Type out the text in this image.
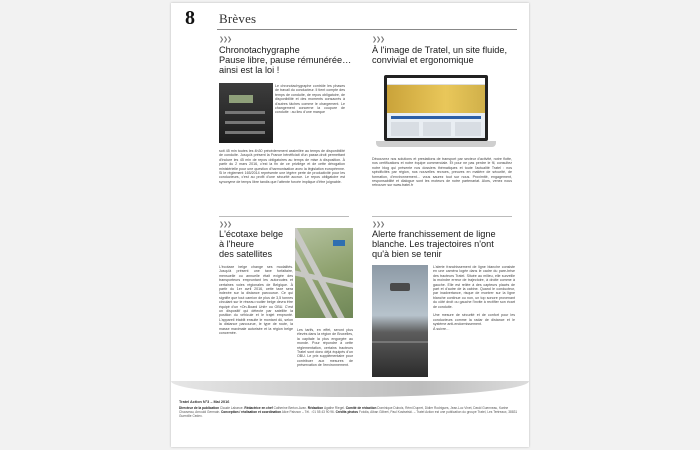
8 Brèves
❯❯❯
Chronotachygraphe
Pause libre, pause rémunérée…
ainsi est la loi !
Le chronotachygraphe contrôle les phases de travail du conducteur. Il tient compte des temps de conduite, de repos obligatoire, de disponibilité et des moments consacrés à d'autres tâches comme le chargement. Le changement concerne la coupure de conduite : au lieu d'une marque
soit 45 min toutes les 4h30 précédemment assimilée au temps de disponibilité de conduite. Jusqu'à présent la France bénéficiait d'un passe-droit permettant d'inclure les 45 min de repos obligatoires au temps de mise à disposition. À partir du 2 mars 2016, c'est la fin de ce privilège et de cette dérogation ministérielle pour une question d'harmonisation avec la législation européenne. Si le règlement 165/2014 représente une légère perte de productivité pour les conducteurs, c'est au profit d'une sécurité accrue. Le repos obligatoire est synonyme de temps libre tandis que l'attente forcée implique d'être joignable.
❯❯❯
À l'image de Tratel, un site fluide,
convivial et ergonomique
Découvrez nos solutions et prestations de transport par secteur d'activité, notre flotte, nos certifications et notre équipe commerciale. Et pour ne pas perdre le fil, consultez notre blog qui présente nos dossiers thématiques et toute l'actualité Tratel : nos spécificités par région, nos nouvelles recrues, preuves en matière de sécurité, de formation, d'environnement… vous saurez tout sur nous. Proximité, engagement, responsabilité et dialogue sont les moteurs de notre partenariat. Alors, venez nous retrouver sur www.tratel.fr
❯❯❯
L'écotaxe belge
à l'heure
des satellites
L'écotaxe belge change ses modalités. Jusqu'à présent une taxe forfaitaire, mensuelle ou annuelle était exigée des transporteurs empruntant les autoroutes et certaines voies régionales de Belgique. À partir du 1er avril 2016, cette taxe sera indexée sur la distance parcourue. Ce qui signifie que tout camion de plus de 3,5 tonnes circulant sur le réseau routier belge devra être équipé d'un «On-Board Unit» ou OBU. C'est un dispositif qui détecte par satellite la position du véhicule et le trajet emprunté. L'appareil établit ensuite le montant dû, selon la distance parcourue, le type de route, la masse maximale autorisée et la région belge concernée.
Les tarifs, en effet, seront plus élevés dans la région de Bruxelles, la capitale la plus engorgée au monde. Pour répondre à cette réglementation, certains tracteurs Tratel sont donc déjà équipés d'un OBU. Le prix supplémentaire pour contribuer aux mesures de préservation de l'environnement.
❯❯❯
Alerte franchissement de ligne
blanche. Les trajectoires n'ont
qu'à bien se tenir
L'alerte franchissement de ligne blanche consiste en une caméra logée dans le cadre du pare-brise des tracteurs Tratel. Située au milieu, elle surveille la moindre erreur de trajectoire, à droite comme à gauche. Elle est reliée à des capteurs placés de part et d'autre de la cabine. Quand le conducteur, par inadvertance, risque de montrer sur la ligne blanche continue ou non, un top sonore provenant du côté droit ou gauche l'invite à rectifier son écart de conduite.

Une mesure de sécurité et de confort pour les conducteurs comme la radar de distance et le système anti-endormissement.
À suivre…
Tratel Action N°3 – Mai 2016
Directeur de la publication Claude Labarue. Rédactrice en chef Catherine Berton-Avan. Rédaction Agathe Riegel. Comité de rédaction Dominique Dubois, Rémi Dupret, Didier Rodrigues, Jean-Luc Vinet, David Guenneau, Karine Chauveau, Arnould Germain. Conception / réalisation et coordination Alice Paisnon – Tél. : 01 55 43 90 96. Crédits photos Fotolia, Alban Gilbert, Paul Kostseiski. – Tratel Action est une publication du groupe Tratel, Les Tertreaux, 38831 Guerville Cedex.
